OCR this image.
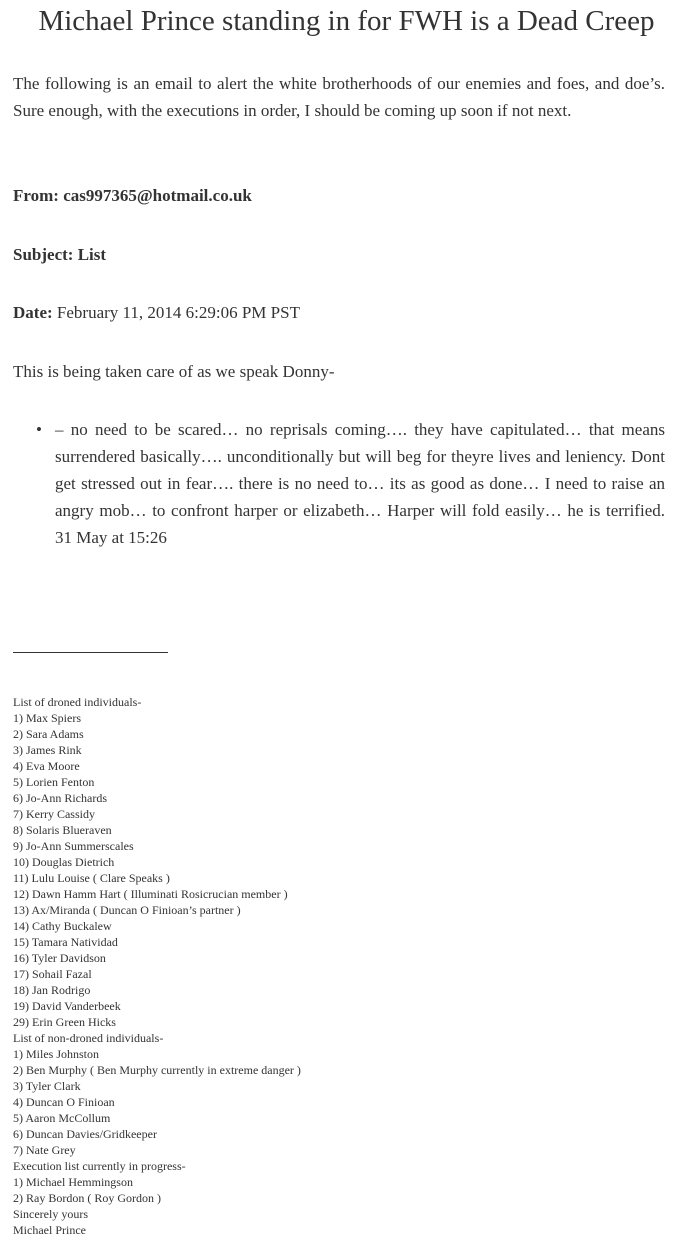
Michael Prince standing in for FWH is a Dead Creep

The following is an email to alert the white brotherhoods of our enemies and foes, and doe’s. Sure enough, with the executions in order, I should be coming up soon if not next.

From: cas997365@hotmail.co.uk

Subject: List

Date: February 11, 2014 6:29:06 PM PST

This is being taken care of as we speak Donny-

• – no need to be scared… no reprisals coming…. they have capitulated… that means surrendered basically…. unconditionally but will beg for theyre lives and leniency. Dont get stressed out in fear…. there is no need to… its as good as done… I need to raise an angry mob… to confront harper or elizabeth… Harper will fold easily… he is terrified. 31 May at 15:26
List of droned individuals-
1) Max Spiers
2) Sara Adams
3) James Rink
4) Eva Moore
5) Lorien Fenton
6) Jo-Ann Richards
7) Kerry Cassidy
8) Solaris Blueraven
9) Jo-Ann Summerscales
10) Douglas Dietrich
11) Lulu Louise ( Clare Speaks )
12) Dawn Hamm Hart ( Illuminati Rosicrucian member )
13) Ax/Miranda ( Duncan O Finioan’s partner )
14) Cathy Buckalew
15) Tamara Natividad
16) Tyler Davidson
17) Sohail Fazal
18) Jan Rodrigo
19) David Vanderbeek
29) Erin Green Hicks
List of non-droned individuals-
1) Miles Johnston
2) Ben Murphy ( Ben Murphy currently in extreme danger )
3) Tyler Clark
4) Duncan O Finioan
5) Aaron McCollum
6) Duncan Davies/Gridkeeper
7) Nate Grey
Execution list currently in progress-
1) Michael Hemmingson
2) Ray Bordon ( Roy Gordon )
Sincerely yours
Michael Prince
